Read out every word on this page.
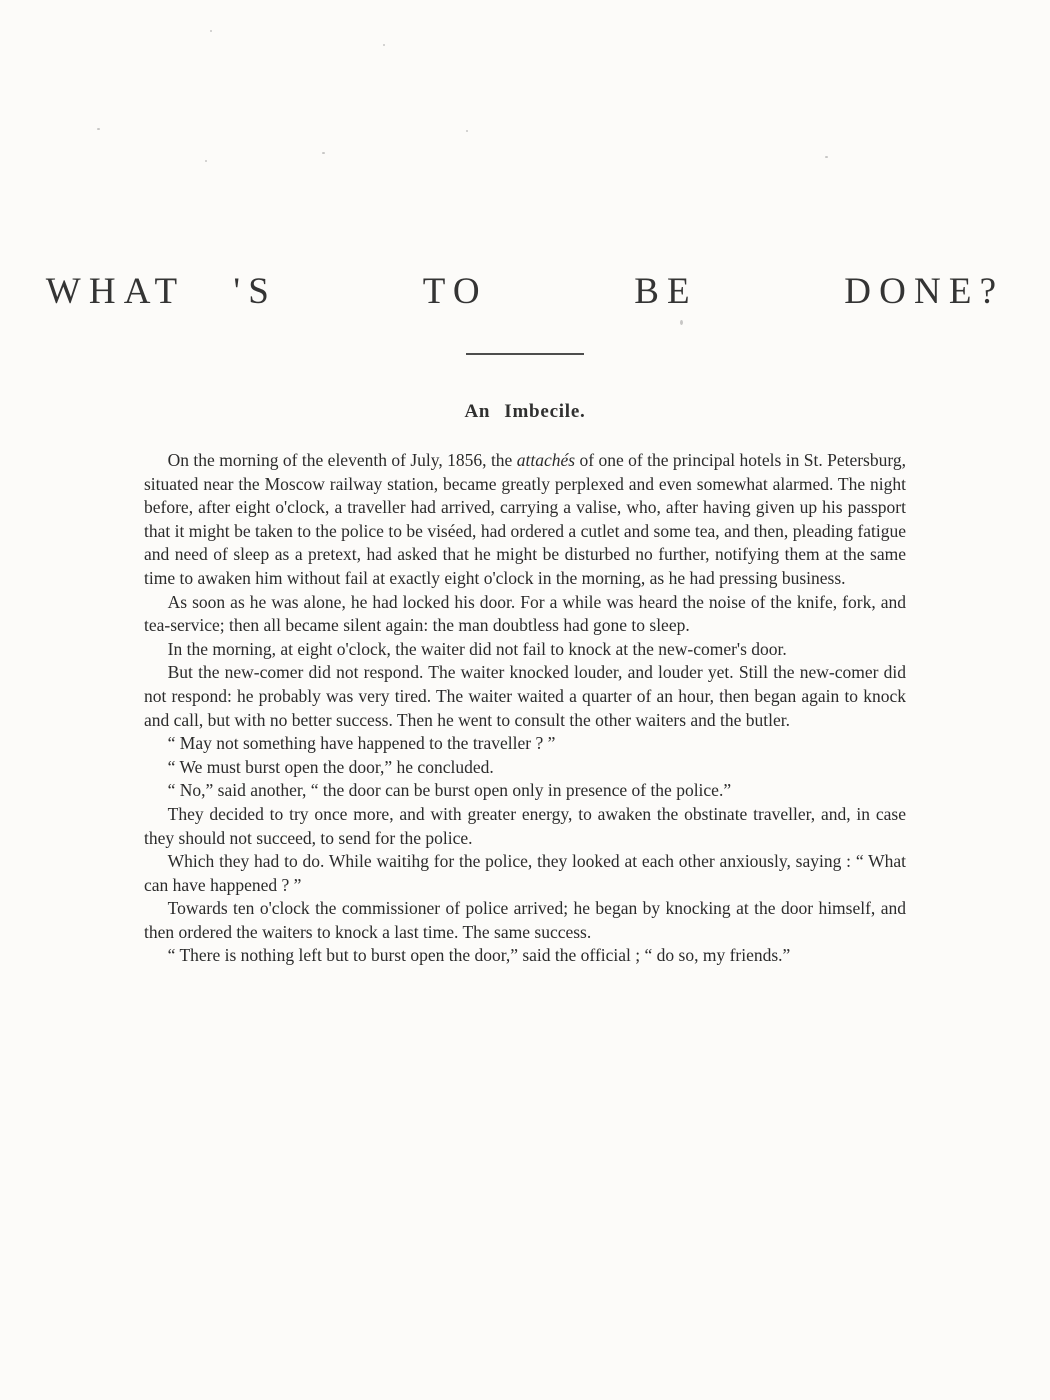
WHAT 'S   TO   BE   DONE?
An Imbecile.

On the morning of the eleventh of July, 1856, the attachés of one of the principal hotels in St. Petersburg, situated near the Moscow railway station, became greatly perplexed and even somewhat alarmed. The night before, after eight o'clock, a traveller had arrived, carrying a valise, who, after having given up his passport that it might be taken to the police to be viséed, had ordered a cutlet and some tea, and then, pleading fatigue and need of sleep as a pretext, had asked that he might be disturbed no further, notifying them at the same time to awaken him without fail at exactly eight o'clock in the morning, as he had pressing business.

As soon as he was alone, he had locked his door. For a while was heard the noise of the knife, fork, and tea-service; then all became silent again: the man doubtless had gone to sleep.

In the morning, at eight o'clock, the waiter did not fail to knock at the new-comer's door.

But the new-comer did not respond. The waiter knocked louder, and louder yet. Still the new-comer did not respond: he probably was very tired. The waiter waited a quarter of an hour, then began again to knock and call, but with no better success. Then he went to consult the other waiters and the butler.

“ May not something have happened to the traveller ? ”

“ We must burst open the door,” he concluded.

“ No,” said another, “ the door can be burst open only in presence of the police.”

They decided to try once more, and with greater energy, to awaken the obstinate traveller, and, in case they should not succeed, to send for the police.

Which they had to do. While waitihg for the police, they looked at each other anxiously, saying : “ What can have happened ? ”

Towards ten o'clock the commissioner of police arrived; he began by knocking at the door himself, and then ordered the waiters to knock a last time. The same success.

“ There is nothing left but to burst open the door,” said the official ; “ do so, my friends.”
